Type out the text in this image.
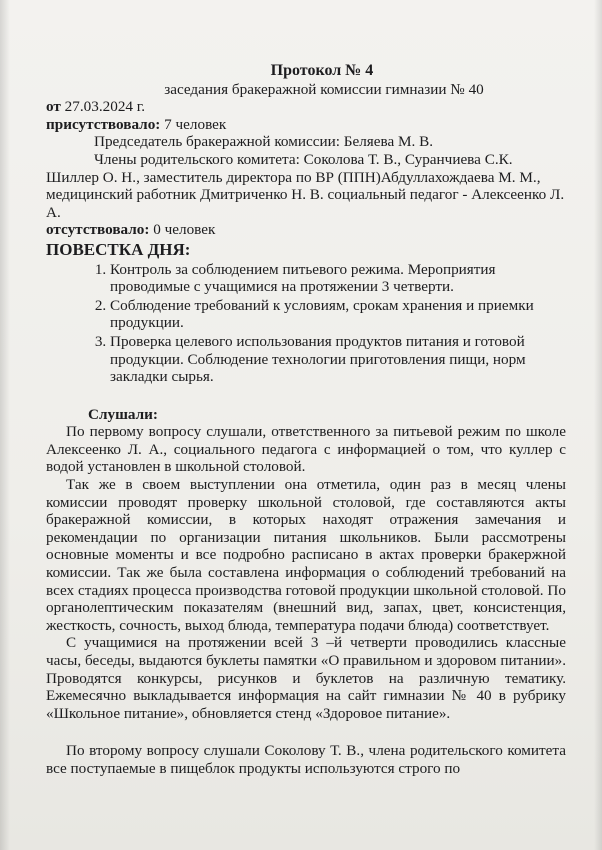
Протокол № 4
заседания бракеражной комиссии гимназии № 40
от 27.03.2024 г.
присутствовало: 7 человек
Председатель бракеражной комиссии: Беляева М. В.
Члены родительского комитета: Соколова Т. В., Суранчиева С.К.
Шиллер О. Н., заместитель директора по ВР (ППН)Абдуллахождаева М. М., медицинский работник Дмитриченко Н. В. социальный педагог - Алексеенко Л. А.
отсутствовало: 0 человек
ПОВЕСТКА ДНЯ:
1. Контроль за соблюдением питьевого режима. Мероприятия проводимые с учащимися на протяжении 3 четверти.
2. Соблюдение требований к условиям, срокам хранения и приемки продукции.
3. Проверка целевого использования продуктов питания и готовой продукции. Соблюдение технологии приготовления пищи, норм закладки сырья.
Слушали:
По первому вопросу слушали, ответственного за питьевой режим по школе Алексеенко Л. А., социального педагога с информацией о том, что куллер с водой установлен в школьной столовой.
Так же в своем выступлении она отметила, один раз в месяц члены комиссии проводят проверку школьной столовой, где составляются акты бракеражной комиссии, в которых находят отражения замечания и рекомендации по организации питания школьников. Были рассмотрены основные моменты и все подробно расписано в актах проверки бракержной комиссии. Так же была составлена информация о соблюдений требований на всех стадиях процесса производства готовой продукции школьной столовой. По органолептическим показателям (внешний вид, запах, цвет, консистенция, жесткость, сочность, выход блюда, температура подачи блюда) соответствует.
С учащимися на протяжении всей 3 –й четверти проводились классные часы, беседы, выдаются буклеты памятки «О правильном и здоровом питании». Проводятся конкурсы, рисунков и буклетов на различную тематику. Ежемесячно выкладывается информация на сайт гимназии № 40 в рубрику «Школьное питание», обновляется стенд «Здоровое питание».
По второму вопросу слушали Соколову Т. В., члена родительского комитета все поступаемые в пищеблок продукты используются строго по
